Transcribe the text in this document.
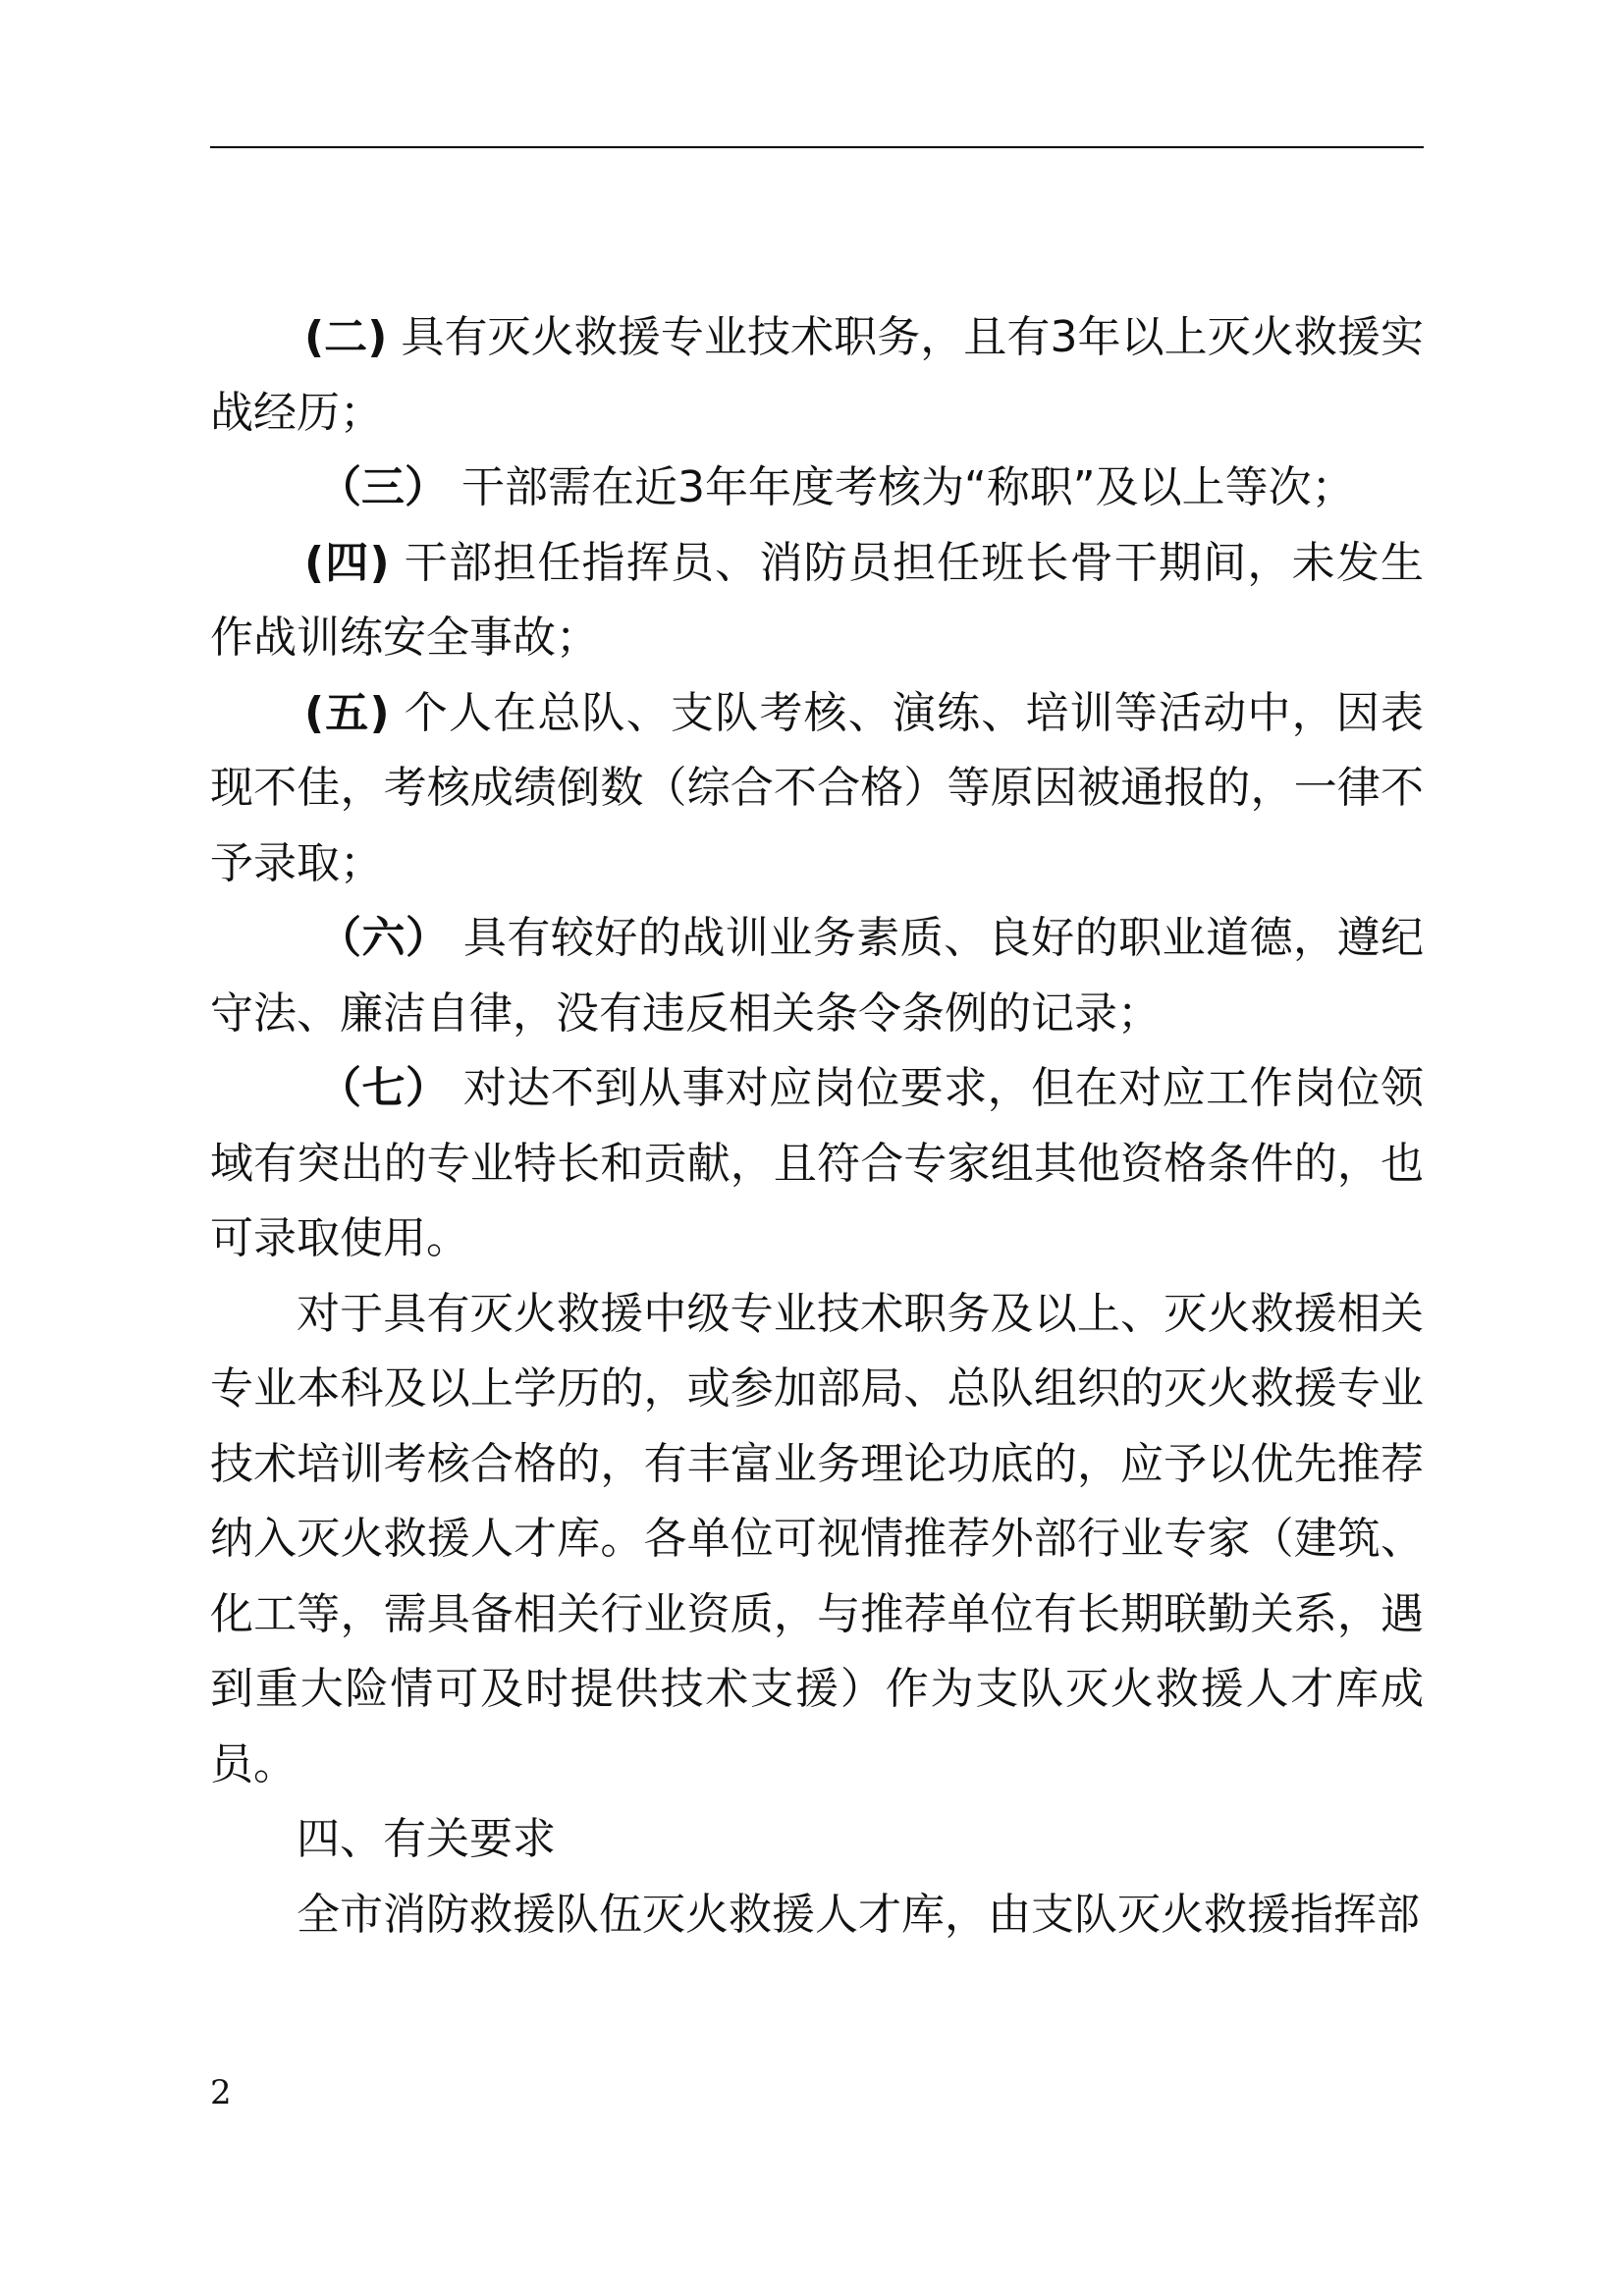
(二) 具有灭火救援专业技术职务，且有3年以上灭火救援实战经历；

（三） 干部需在近3年年度考核为“称职”及以上等次；

(四) 干部担任指挥员、消防员担任班长骨干期间，未发生作战训练安全事故；

(五) 个人在总队、支队考核、演练、培训等活动中，因表现不佳，考核成绩倒数（综合不合格）等原因被通报的，一律不予录取；

（六） 具有较好的战训业务素质、良好的职业道德，遵纪守法、廉洁自律，没有违反相关条令条例的记录；

（七） 对达不到从事对应岗位要求，但在对应工作岗位领域有突出的专业特长和贡献，且符合专家组其他资格条件的，也可录取使用。

对于具有灭火救援中级专业技术职务及以上、灭火救援相关专业本科及以上学历的，或参加部局、总队组织的灭火救援专业技术培训考核合格的，有丰富业务理论功底的，应予以优先推荐纳入灭火救援人才库。各单位可视情推荐外部行业专家（建筑、化工等，需具备相关行业资质，与推荐单位有长期联勤关系，遇到重大险情可及时提供技术支援）作为支队灭火救援人才库成员。

四、有关要求

全市消防救援队伍灭火救援人才库，由支队灭火救援指挥部

2
